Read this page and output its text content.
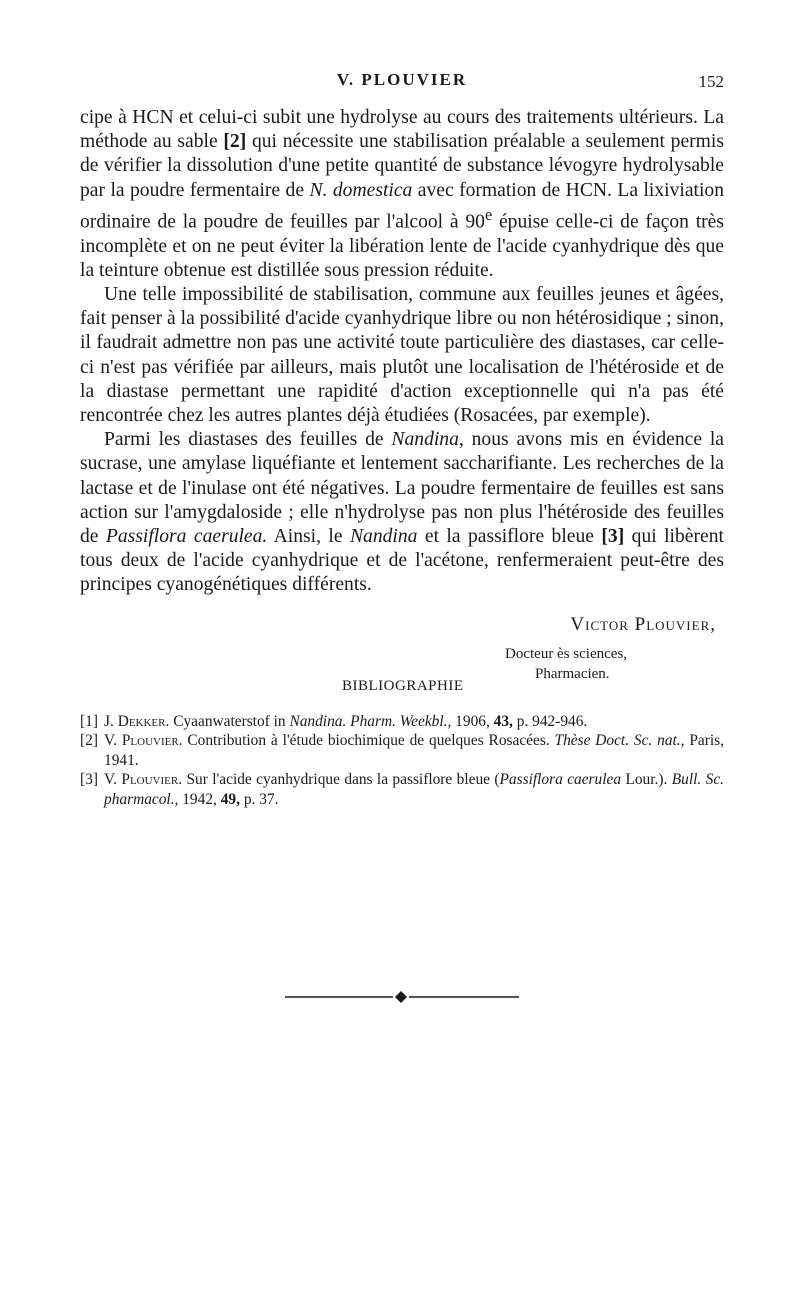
V. PLOUVIER	152

cipe à HCN et celui-ci subit une hydrolyse au cours des traitements ultérieurs. La méthode au sable [2] qui nécessite une stabilisation préalable a seulement permis de vérifier la dissolution d'une petite quantité de substance lévogyre hydrolysable par la poudre fermentaire de N. domestica avec formation de HCN. La lixiviation ordinaire de la poudre de feuilles par l'alcool à 90e épuise celle-ci de façon très incomplète et on ne peut éviter la libération lente de l'acide cyanhydrique dès que la teinture obtenue est distillée sous pression réduite.

Une telle impossibilité de stabilisation, commune aux feuilles jeunes et âgées, fait penser à la possibilité d'acide cyanhydrique libre ou non hétérosidique ; sinon, il faudrait admettre non pas une activité toute particulière des diastases, car celle-ci n'est pas vérifiée par ailleurs, mais plutôt une localisation de l'hétéroside et de la diastase permettant une rapidité d'action exceptionnelle qui n'a pas été rencontrée chez les autres plantes déjà étudiées (Rosacées, par exemple).

Parmi les diastases des feuilles de Nandina, nous avons mis en évidence la sucrase, une amylase liquéfiante et lentement saccharifiante. Les recherches de la lactase et de l'inulase ont été négatives. La poudre fermentaire de feuilles est sans action sur l'amygdaloside ; elle n'hydrolyse pas non plus l'hétéroside des feuilles de Passiflora caerulea. Ainsi, le Nandina et la passiflore bleue [3] qui libèrent tous deux de l'acide cyanhydrique et de l'acétone, renfermeraient peut-être des principes cyanogénétiques différents.

Victor Plouvier,
Docteur ès sciences,
Pharmacien.
BIBLIOGRAPHIE
[1] J. Dekker. Cyaanwaterstof in Nandina. Pharm. Weekbl., 1906, 43, p. 942-946.
[2] V. Plouvier. Contribution à l'étude biochimique de quelques Rosacées. Thèse Doct. Sc. nat., Paris, 1941.
[3] V. Plouvier. Sur l'acide cyanhydrique dans la passiflore bleue (Passiflora caerulea Lour.). Bull. Sc. pharmacol., 1942, 49, p. 37.
